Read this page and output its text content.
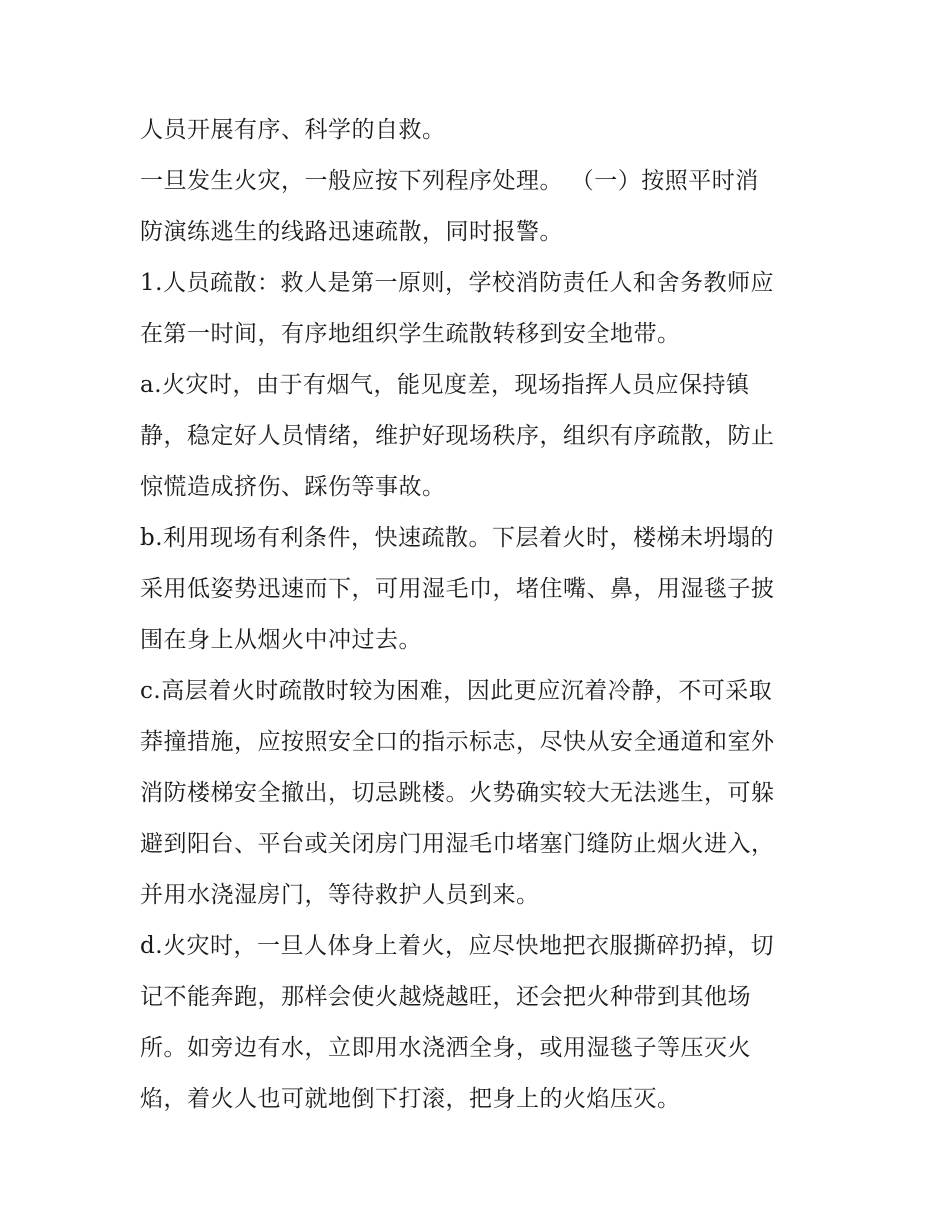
人员开展有序、科学的自救。
一旦发生火灾，一般应按下列程序处理。 （一）按照平时消
防演练逃生的线路迅速疏散，同时报警。
1.人员疏散：救人是第一原则，学校消防责任人和舍务教师应
在第一时间，有序地组织学生疏散转移到安全地带。
a.火灾时，由于有烟气，能见度差，现场指挥人员应保持镇
静，稳定好人员情绪，维护好现场秩序，组织有序疏散，防止
惊慌造成挤伤、踩伤等事故。
b.利用现场有利条件，快速疏散。下层着火时，楼梯未坍塌的
采用低姿势迅速而下，可用湿毛巾，堵住嘴、鼻，用湿毯子披
围在身上从烟火中冲过去。
c.高层着火时疏散时较为困难，因此更应沉着冷静，不可采取
莽撞措施，应按照安全口的指示标志，尽快从安全通道和室外
消防楼梯安全撤出，切忌跳楼。火势确实较大无法逃生，可躲
避到阳台、平台或关闭房门用湿毛巾堵塞门缝防止烟火进入，
并用水浇湿房门，等待救护人员到来。
d.火灾时，一旦人体身上着火，应尽快地把衣服撕碎扔掉，切
记不能奔跑，那样会使火越烧越旺，还会把火种带到其他场
所。如旁边有水，立即用水浇洒全身，或用湿毯子等压灭火
焰，着火人也可就地倒下打滚，把身上的火焰压灭。
